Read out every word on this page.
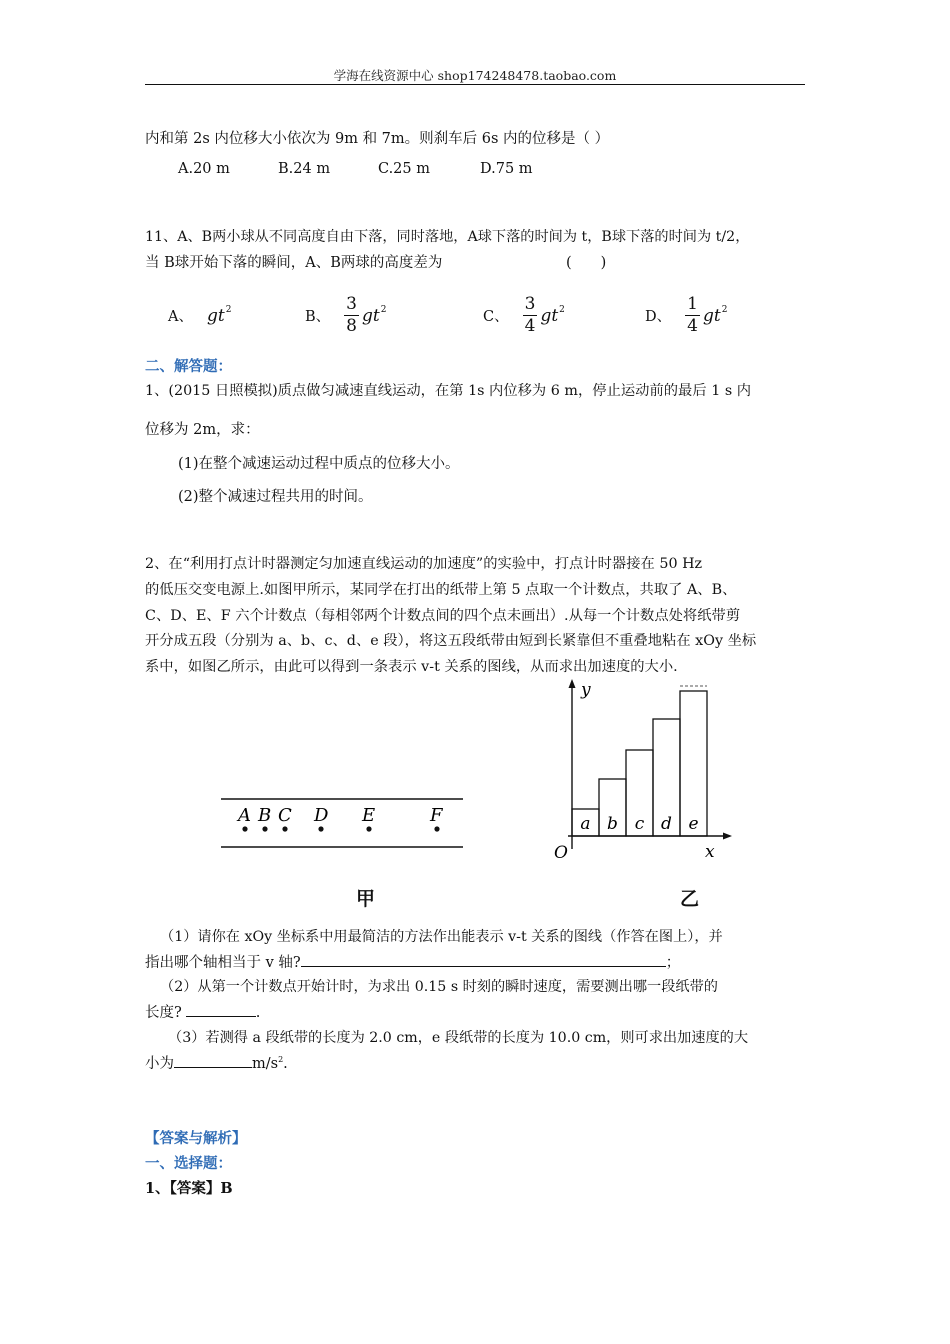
学海在线资源中心 shop174248478.taobao.com
内和第 2s 内位移大小依次为 9m 和 7m。则刹车后 6s 内的位移是（ ）
A.20 m	B.24 m	C.25 m	D.75 m
11、A、B两小球从不同高度自由下落，同时落地，A球下落的时间为 t，B球下落的时间为 t/2，
当 B球开始下落的瞬间，A、B两球的高度差为	(　　)
A、 $gt^2$	B、 $\frac{3}{8} gt^2$	C、 $\frac{3}{4} gt^2$	D、 $\frac{1}{4} gt^2$
二、解答题：
1、(2015 日照模拟)质点做匀减速直线运动，在第 1s 内位移为 6 m，停止运动前的最后 1 s 内
位移为 2m，求：
(1)在整个减速运动过程中质点的位移大小。
(2)整个减速过程共用的时间。
2、在“利用打点计时器测定匀加速直线运动的加速度”的实验中，打点计时器接在 50 Hz
的低压交变电源上.如图甲所示，某同学在打出的纸带上第 5 点取一个计数点，共取了 A、B、
C、D、E、F 六个计数点（每相邻两个计数点间的四个点未画出）.从每一个计数点处将纸带剪
开分成五段（分别为 a、b、c、d、e 段），将这五段纸带由短到长紧靠但不重叠地粘在 xOy 坐标
系中，如图乙所示，由此可以得到一条表示 v-t 关系的图线，从而求出加速度的大小.
A B C D E	F
甲
y
x
O
a b c d e
乙
（1）请你在 xOy 坐标系中用最简洁的方法作出能表示 v-t 关系的图线（作答在图上），并
指出哪个轴相当于 v 轴?	；
（2）从第一个计数点开始计时，为求出 0.15 s 时刻的瞬时速度，需要测出哪一段纸带的
长度?	.
（3）若测得 a 段纸带的长度为 2.0 cm，e 段纸带的长度为 10.0 cm，则可求出加速度的大
小为	$m/s^2$.
【答案与解析】
一、选择题：
1、【答案】B
